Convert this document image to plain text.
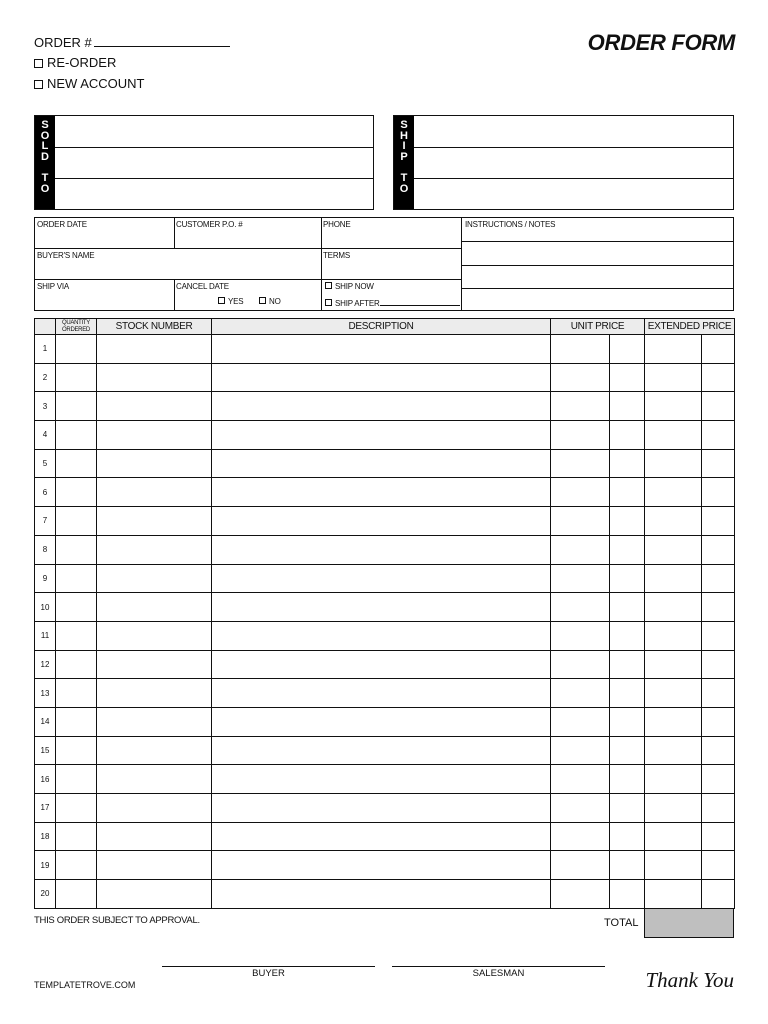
ORDER #
RE-ORDER
NEW ACCOUNT
ORDER FORM
S
O
L
D
T
O
S
H
I
P
T
O
ORDER DATE	CUSTOMER P.O. #	PHONE	INSTRUCTIONS / NOTES
BUYER'S NAME	TERMS
SHIP VIA	CANCEL DATE
YES	NO
SHIP NOW
SHIP AFTER
	QUANTITY
ORDERED	STOCK NUMBER	DESCRIPTION	UNIT PRICE		EXTENDED PRICE	
1							
2							
3							
4							
5							
6							
7							
8							
9							
10							
11							
12							
13							
14							
15							
16							
17							
18							
19							
20							
THIS ORDER SUBJECT TO APPROVAL.	TOTAL
BUYER	SALESMAN
TEMPLATETROVE.COM	Thank You
